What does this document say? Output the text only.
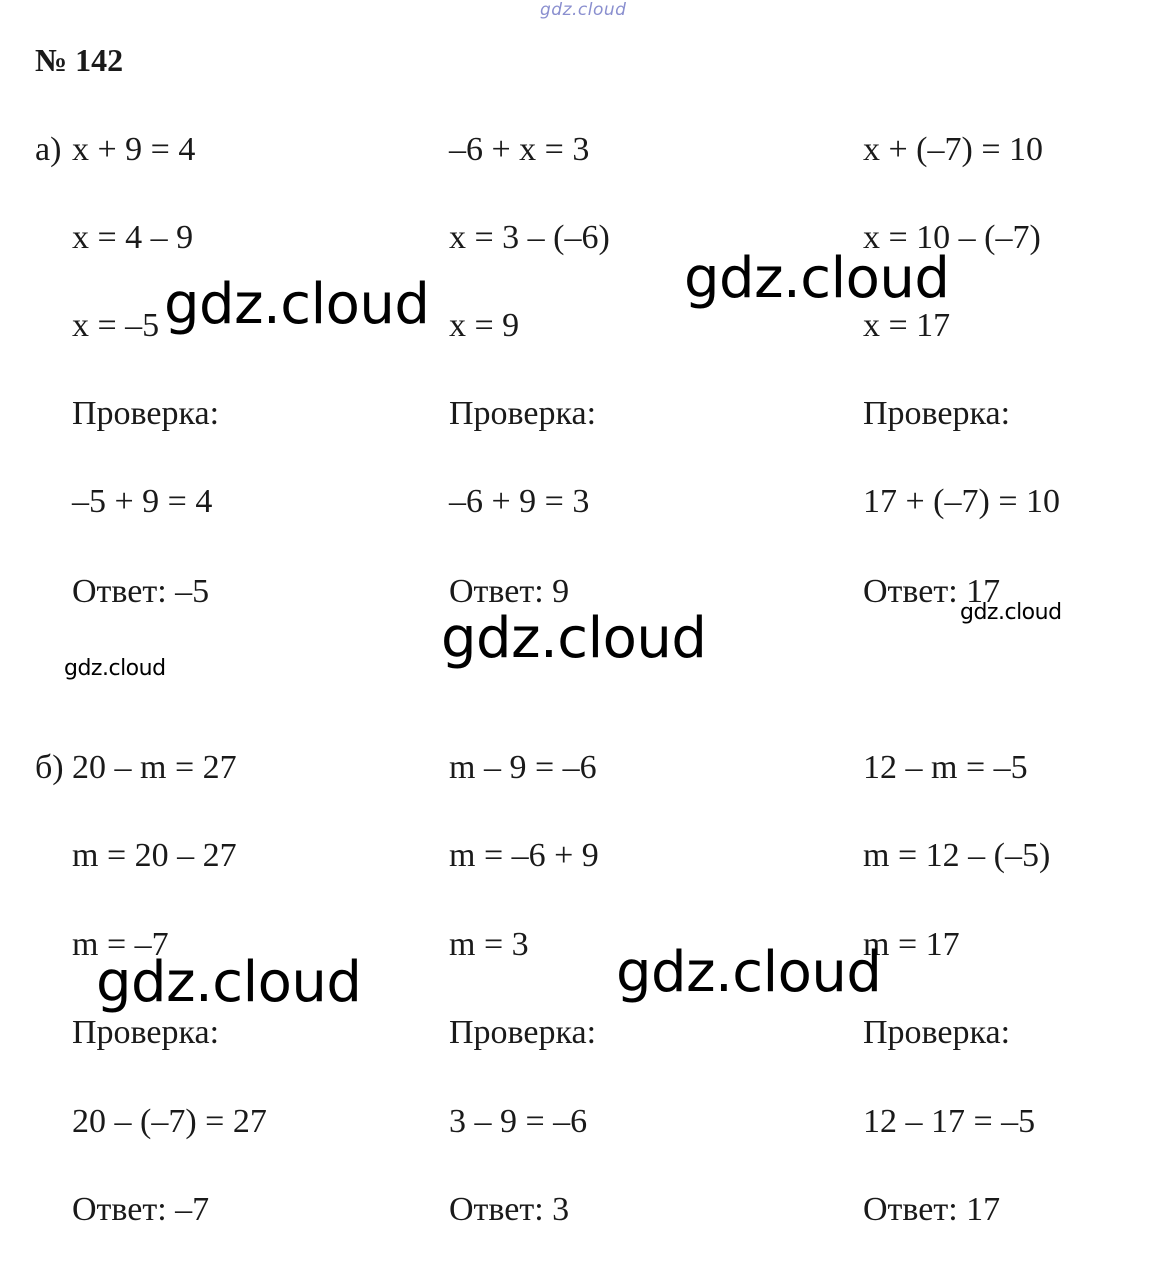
gdz.cloud
№ 142
а) x + 9 = 4
x = 4 – 9
x = –5
Проверка:
–5 + 9 = 4
Ответ: –5
–6 + x = 3
x = 3 – (–6)
x = 9
Проверка:
–6 + 9 = 3
Ответ: 9
x + (–7) = 10
x = 10 – (–7)
x = 17
Проверка:
17 + (–7) = 10
Ответ: 17
б) 20 – m = 27
m = 20 – 27
m = –7
Проверка:
20 – (–7) = 27
Ответ: –7
m – 9 = –6
m = –6 + 9
m = 3
Проверка:
3 – 9 = –6
Ответ: 3
12 – m = –5
m = 12 – (–5)
m = 17
Проверка:
12 – 17 = –5
Ответ: 17
gdz.cloud	gdz.cloud
gdz.cloud
gdz.cloud
gdz.cloud
gdz.cloud	gdz.cloud
